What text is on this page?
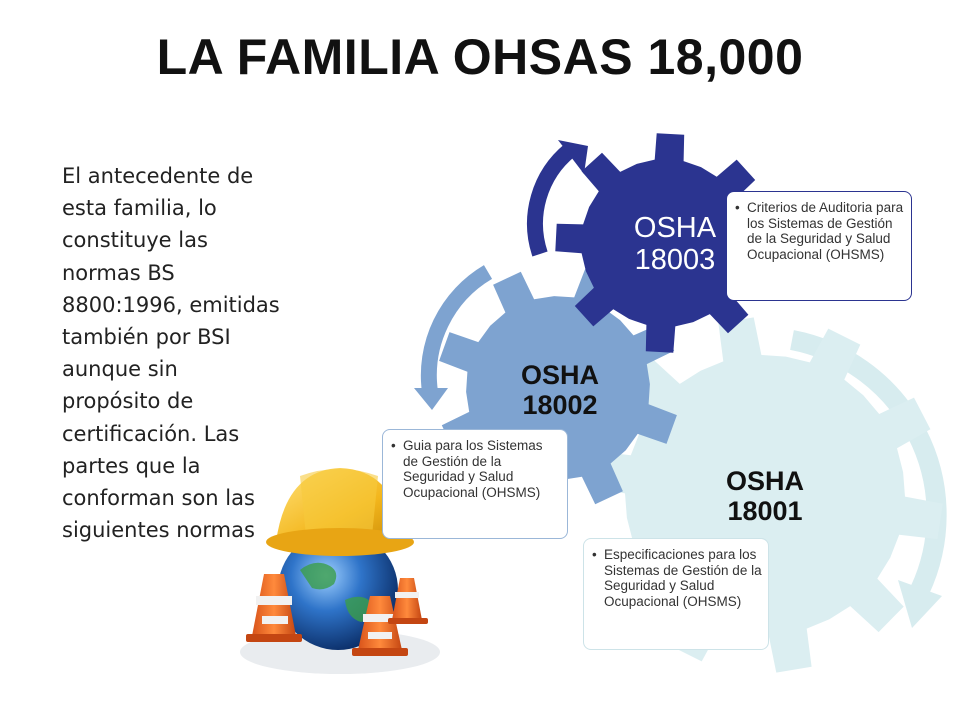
LA FAMILIA OHSAS 18,000
El antecedente de
esta familia, lo
constituye las
normas BS
8800:1996, emitidas
también por BSI
aunque sin
propósito de
certificación. Las
partes que la
conforman son las
siguientes normas
OSHA
18001
OSHA
18002
OSHA
18003
• Criterios de Auditoria para los Sistemas de Gestión de la Seguridad y Salud Ocupacional (OHSMS)
• Guia para los Sistemas de Gestión de la Seguridad y Salud Ocupacional (OHSMS)
• Especificaciones para los Sistemas de Gestión de la Seguridad y Salud Ocupacional (OHSMS)
